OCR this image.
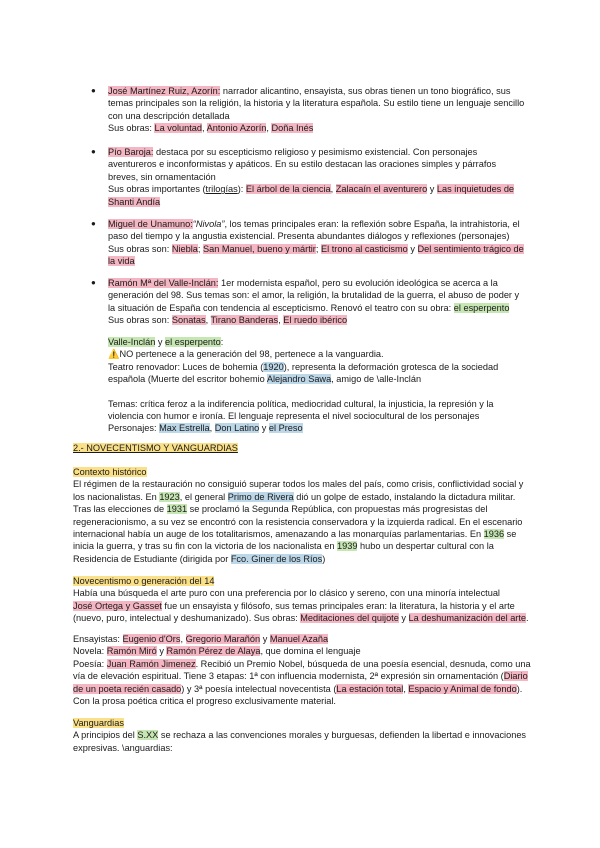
● José Martínez Ruiz, Azorín: narrador alicantino, ensayista, sus obras tienen un tono biográfico, sus temas principales son la religión, la historia y la literatura española. Su estilo tiene un lenguaje sencillo con una descripción detallada

Sus obras: La voluntad, Antonio Azorín, Doña Inés

● Pío Baroja: destaca por su escepticismo religioso y pesimismo existencial. Con personajes aventureros e inconformistas y apáticos. En su estilo destacan las oraciones simples y párrafos breves, sin ornamentación

Sus obras importantes (trilogías): El árbol de la ciencia, Zalacaín el aventurero y Las inquietudes de Shanti Andía

● Miguel de Unamuno:“Nivola”, los temas principales eran: la reflexión sobre España, la intrahistoria, el paso del tiempo y la angustia existencial. Presenta abundantes diálogos y reflexiones (personajes)

Sus obras son: Niebla; San Manuel, bueno y mártir; El trono al casticismo y Del sentimiento trágico de la vida

● Ramón Mª del Valle-Inclán: 1er modernista español, pero su evolución ideológica se acerca a la generación del 98. Sus temas son: el amor, la religión, la brutalidad de la guerra, el abuso de poder y la situación de España con tendencia al escepticismo. Renovó el teatro con su obra: el esperpento

Sus obras son: Sonatas, Tirano Banderas, El ruedo ibérico

Valle-Inclán y el esperpento:

⚠️NO pertenece a la generación del 98, pertenece a la vanguardia.

Teatro renovador: Luces de bohemia (1920), representa la deformación grotesca de la sociedad española (Muerte del escritor bohemio Alejandro Sawa, amigo de \alle-Inclán

Temas: crítica feroz a la indiferencia política, mediocridad cultural, la injusticia, la represión y la violencia con humor e ironía. El lenguaje representa el nivel sociocultural de los personajes

Personajes: Max Estrella, Don Latino y el Preso

2.- NOVECENTISMO Y VANGUARDIAS

Contexto histórico

El régimen de la restauración no consiguió superar todos los males del país, como crisis, conflictividad social y los nacionalistas. En 1923, el general Primo de Rivera dió un golpe de estado, instalando la dictadura militar. Tras las elecciones de 1931 se proclamó la Segunda República, con propuestas más progresistas del regeneracionismo, a su vez se encontró con la resistencia conservadora y la izquierda radical. En el escenario internacional había un auge de los totalitarismos, amenazando a las monarquías parlamentarias. En 1936 se inicia la guerra, y tras su fin con la victoria de los nacionalista en 1939 hubo un despertar cultural con la Residencia de Estudiante (dirigida por Fco. Giner de los Ríos)

Novecentismo o generación del 14

Había una búsqueda el arte puro con una preferencia por lo clásico y sereno, con una minoría intelectual

José Ortega y Gasset fue un ensayista y filósofo, sus temas principales eran: la literatura, la historia y el arte (nuevo, puro, intelectual y deshumanizado). Sus obras: Meditaciones del quijote y La deshumanización del arte.

Ensayistas: Eugenio d'Ors, Gregorio Marañón y Manuel Azaña

Novela: Ramón Miró y Ramón Pérez de Alaya, que domina el lenguaje

Poesía: Juan Ramón Jimenez. Recibió un Premio Nobel, búsqueda de una poesía esencial, desnuda, como una vía de elevación espiritual. Tiene 3 etapas: 1ª con influencia modernista, 2ª expresión sin ornamentación (Diario de un poeta recién casado) y 3ª poesía intelectual novecentista (La estación total, Espacio y Animal de fondo).

Con la prosa poética critica el progreso exclusivamente material.

Vanguardias

A principios del S.XX se rechaza a las convenciones morales y burguesas, defienden la libertad e innovaciones expresivas. \anguardias:
